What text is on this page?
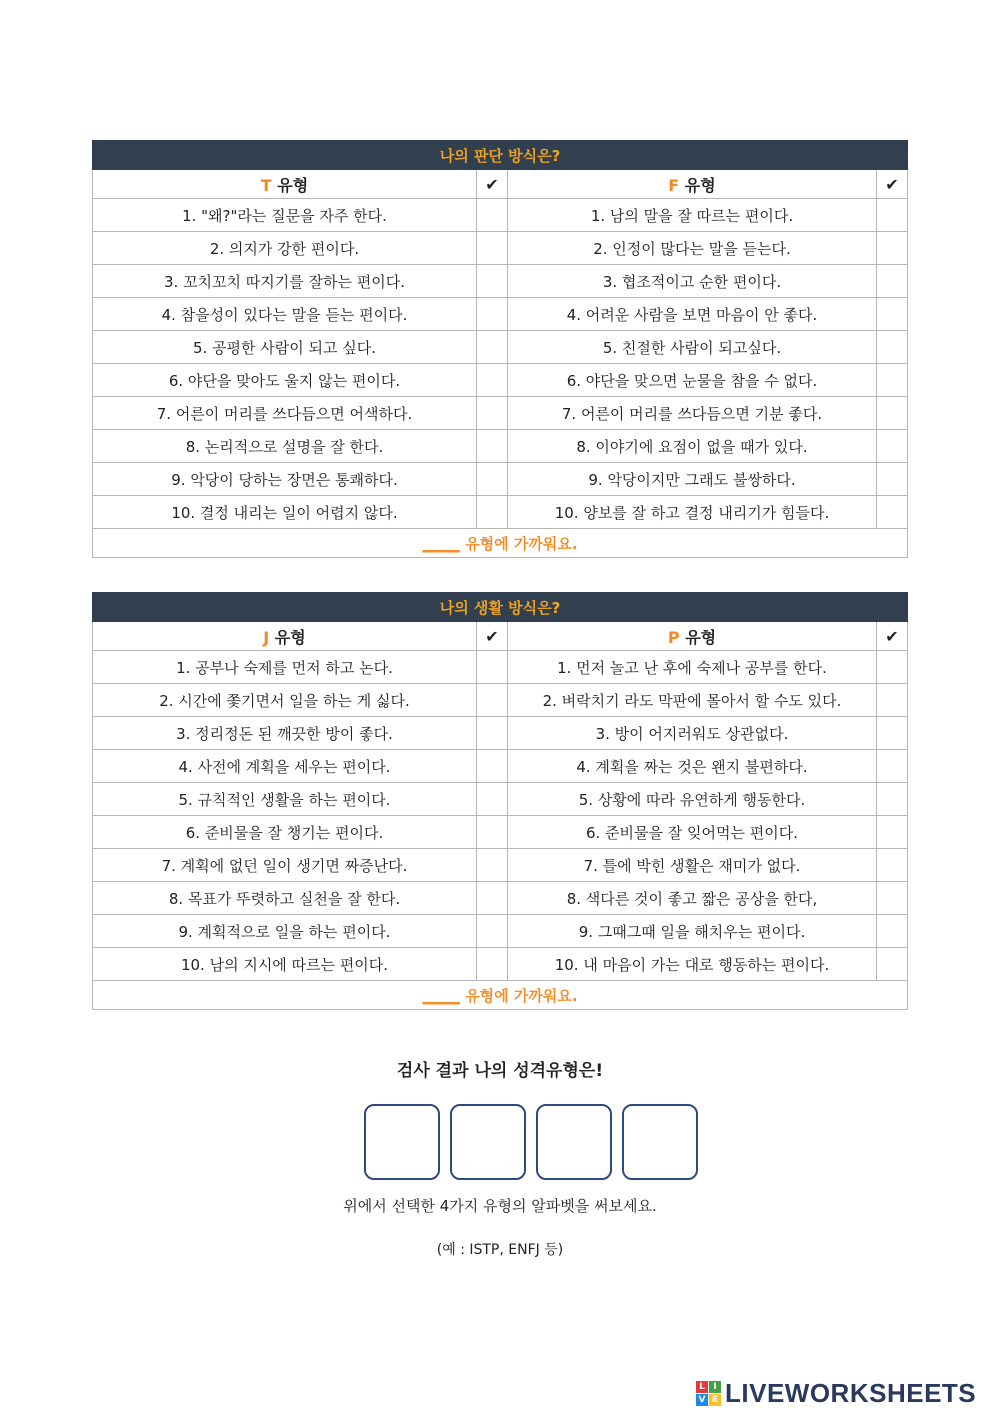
나의 판단 방식은?			
T 유형	✔	F 유형	✔
1. "왜?"라는 질문을 자주 한다.		1. 남의 말을 잘 따르는 편이다.	
2. 의지가 강한 편이다.		2. 인정이 많다는 말을 듣는다.	
3. 꼬치꼬치 따지기를 잘하는 편이다.		3. 협조적이고 순한 편이다.	
4. 참을성이 있다는 말을 듣는 편이다.		4. 어려운 사람을 보면 마음이 안 좋다.	
5. 공평한 사람이 되고 싶다.		5. 친절한 사람이 되고싶다.	
6. 야단을 맞아도 울지 않는 편이다.		6. 야단을 맞으면 눈물을 참을 수 없다.	
7. 어른이 머리를 쓰다듬으면 어색하다.		7. 어른이 머리를 쓰다듬으면 기분 좋다.	
8. 논리적으로 설명을 잘 한다.		8. 이야기에 요점이 없을 때가 있다.	
9. 악당이 당하는 장면은 통쾌하다.		9. 악당이지만 그래도 불쌍하다.	
10. 결정 내리는 일이 어렵지 않다.		10. 양보를 잘 하고 결정 내리기가 힘들다.	
_____ 유형에 가까워요.			
나의 생활 방식은?			
J 유형	✔	P 유형	✔
1. 공부나 숙제를 먼저 하고 논다.		1. 먼저 놀고 난 후에 숙제나 공부를 한다.	
2. 시간에 쫓기면서 일을 하는 게 싫다.		2. 벼락치기 라도 막판에 몰아서 할 수도 있다.	
3. 정리정돈 된 깨끗한 방이 좋다.		3. 방이 어지러워도 상관없다.	
4. 사전에 계획을 세우는 편이다.		4. 계획을 짜는 것은 왠지 불편하다.	
5. 규칙적인 생활을 하는 편이다.		5. 상황에 따라 유연하게 행동한다.	
6. 준비물을 잘 챙기는 편이다.		6. 준비물을 잘 잊어먹는 편이다.	
7. 계획에 없던 일이 생기면 짜증난다.		7. 틀에 박힌 생활은 재미가 없다.	
8. 목표가 뚜렷하고 실천을 잘 한다.		8. 색다른 것이 좋고 짧은 공상을 한다,	
9. 계획적으로 일을 하는 편이다.		9. 그때그때 일을 해치우는 편이다.	
10. 남의 지시에 따르는 편이다.		10. 내 마음이 가는 대로 행동하는 편이다.	
_____ 유형에 가까워요.			
검사 결과 나의 성격유형은!
위에서 선택한 4가지 유형의 알파벳을 써보세요.
(예 : ISTP, ENFJ 등)
L I
V E LIVEWORKSHEETS
